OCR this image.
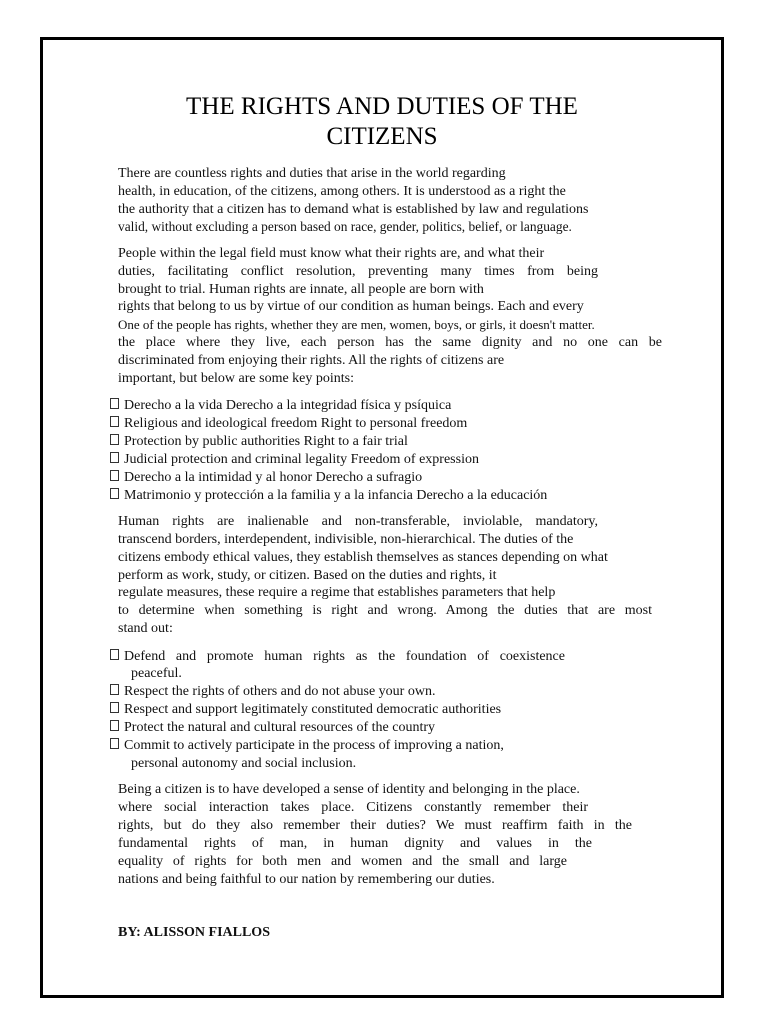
THE RIGHTS AND DUTIES OF THE
CITIZENS
There are countless rights and duties that arise in the world regarding
health, in education, of the citizens, among others. It is understood as a right the
the authority that a citizen has to demand what is established by law and regulations
valid, without excluding a person based on race, gender, politics, belief, or language.
People within the legal field must know what their rights are, and what their
duties, facilitating conflict resolution, preventing many times from being
brought to trial. Human rights are innate, all people are born with
rights that belong to us by virtue of our condition as human beings. Each and every
One of the people has rights, whether they are men, women, boys, or girls, it doesn't matter.
the place where they live, each person has the same dignity and no one can be
discriminated from enjoying their rights. All the rights of citizens are
important, but below are some key points:
Derecho a la vida Derecho a la integridad física y psíquica
Religious and ideological freedom Right to personal freedom
Protection by public authorities Right to a fair trial
Judicial protection and criminal legality Freedom of expression
Derecho a la intimidad y al honor Derecho a sufragio
Matrimonio y protección a la familia y a la infancia Derecho a la educación
Human rights are inalienable and non-transferable, inviolable, mandatory,
transcend borders, interdependent, indivisible, non-hierarchical. The duties of the
citizens embody ethical values, they establish themselves as stances depending on what
perform as work, study, or citizen. Based on the duties and rights, it
regulate measures, these require a regime that establishes parameters that help
to determine when something is right and wrong. Among the duties that are most
stand out:
Defend and promote human rights as the foundation of coexistence
peaceful.
Respect the rights of others and do not abuse your own.
Respect and support legitimately constituted democratic authorities
Protect the natural and cultural resources of the country
Commit to actively participate in the process of improving a nation,
personal autonomy and social inclusion.
Being a citizen is to have developed a sense of identity and belonging in the place.
where social interaction takes place. Citizens constantly remember their
rights, but do they also remember their duties? We must reaffirm faith in the
fundamental rights of man, in human dignity and values in the
equality of rights for both men and women and the small and large
nations and being faithful to our nation by remembering our duties.
BY: ALISSON FIALLOS
